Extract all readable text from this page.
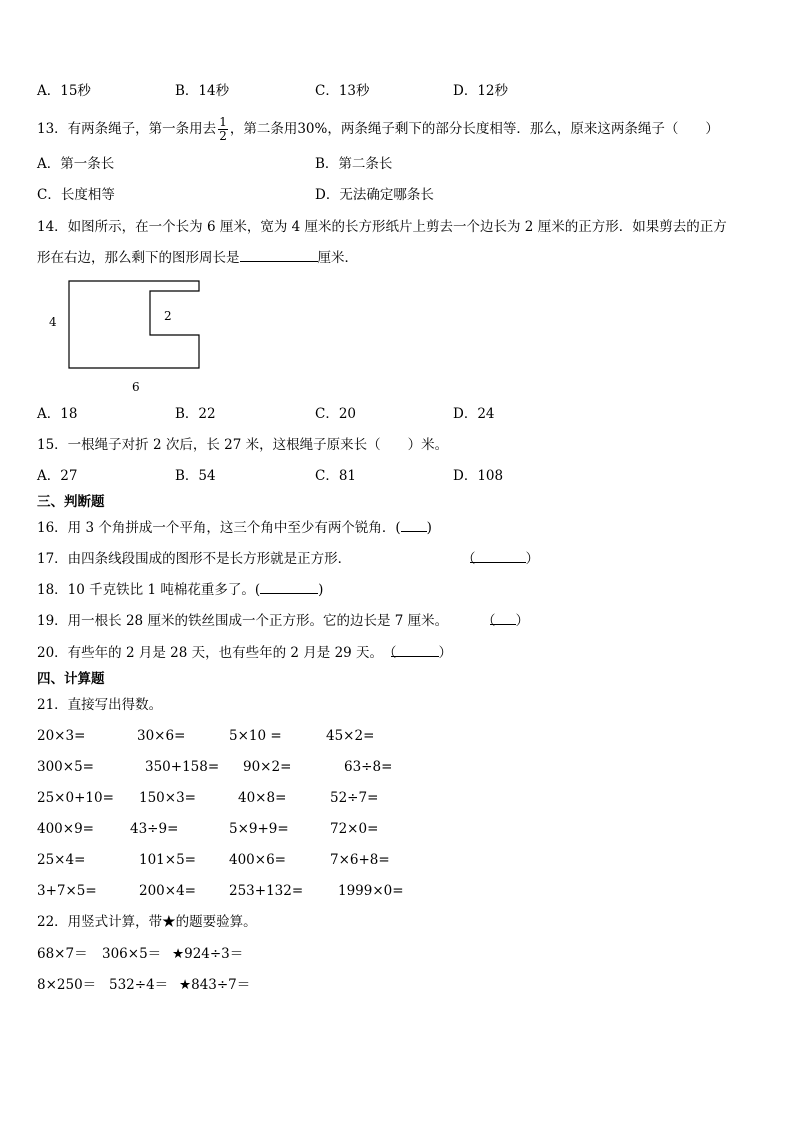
A．15秒	B．14秒	C．13秒	D．12秒
13．有两条绳子，第一条用去 $\frac{1}{2}$ ，第二条用30%，两条绳子剩下的部分长度相等．那么，原来这两条绳子（　　）
A．第一条长	B．第二条长
C．长度相等	D．无法确定哪条长
14．如图所示，在一个长为 6 厘米，宽为 4 厘米的长方形纸片上剪去一个边长为 2 厘米的正方形．如果剪去的正方
形在右边，那么剩下的图形周长是	厘米．
4	2
6
A．18	B．22	C．20	D．24
15．一根绳子对折 2 次后，长 27 米，这根绳子原来长（　　）米。
A．27	B．54	C．81	D．108
三、判断题
16．用 3 个角拼成一个平角，这三个角中至少有两个锐角．( )
17．由四条线段围成的图形不是长方形就是正方形．	（	）
18．10 千克铁比 1 吨棉花重多了。(	)
19．用一根长 28 厘米的铁丝围成一个正方形。它的边长是 7 厘米。	（ ）
20．有些年的 2 月是 28 天，也有些年的 2 月是 29 天。 （	）
四、计算题
21．直接写出得数。
20×3=	30×6=	5×10 =	45×2=
300×5=	350+158= 90×2=	63÷8=
25×0+10= 150×3=	40×8=	52÷7=
400×9=	43÷9=	5×9+9=	72×0=
25×4=	101×5= 400×6=	7×6+8=
3+7×5=	200×4= 253+132=	1999×0=
22．用竖式计算，带★的题要验算。
68×7＝ 306×5＝ ★924÷3＝
8×250＝ 532÷4＝ ★843÷7＝
